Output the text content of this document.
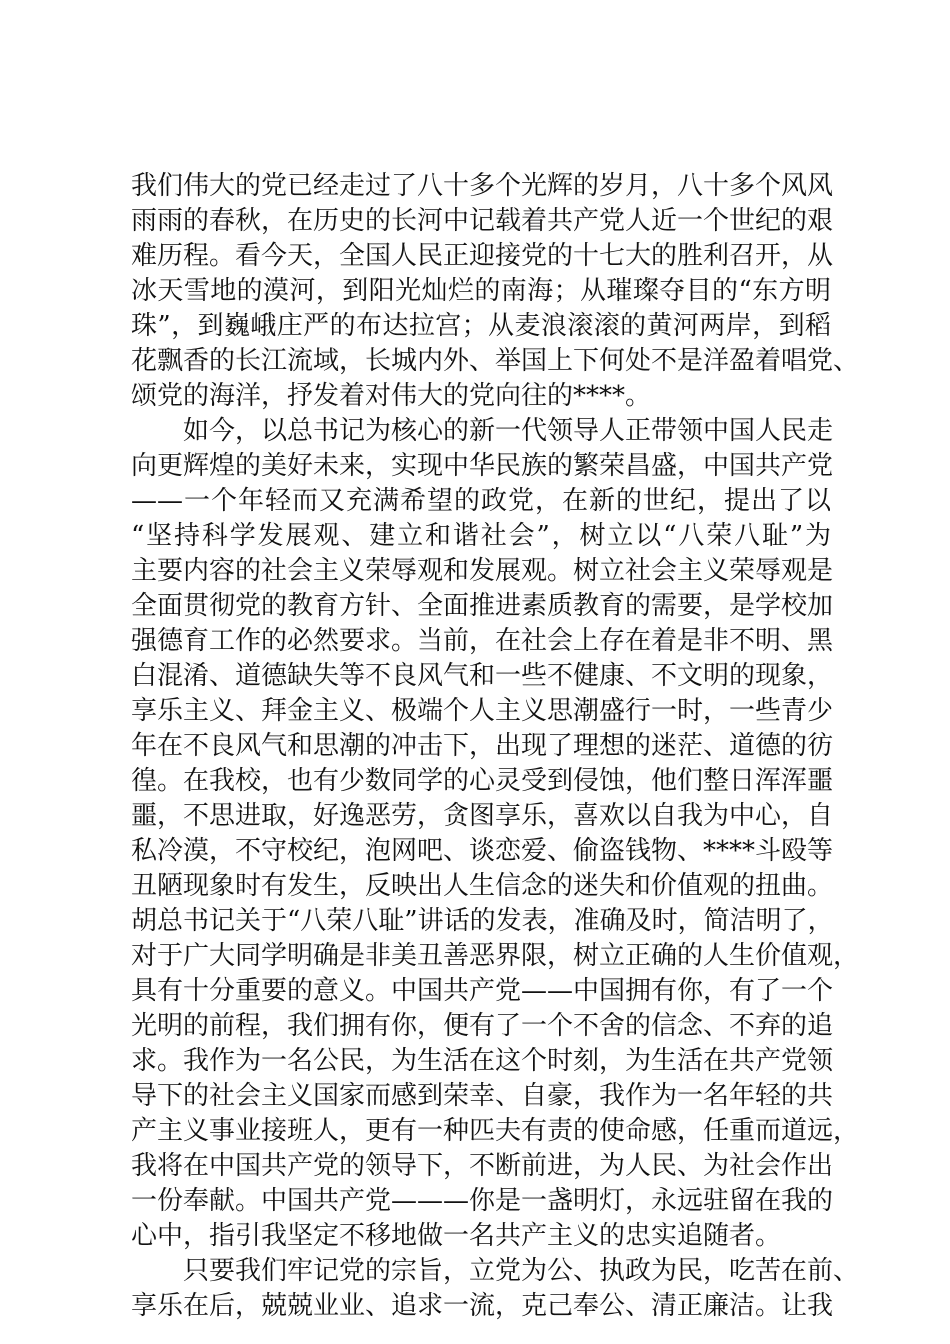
我们伟大的党已经走过了八十多个光辉的岁月，八十多个风风
雨雨的春秋，在历史的长河中记载着共产党人近一个世纪的艰
难历程。看今天，全国人民正迎接党的十七大的胜利召开，从
冰天雪地的漠河，到阳光灿烂的南海；从璀璨夺目的“东方明
珠”，到巍峨庄严的布达拉宫；从麦浪滚滚的黄河两岸，到稻
花飘香的长江流域，长城内外、举国上下何处不是洋盈着唱党、
颂党的海洋，抒发着对伟大的党向往的****。
如今，以总书记为核心的新一代领导人正带领中国人民走
向更辉煌的美好未来，实现中华民族的繁荣昌盛，中国共产党
——一个年轻而又充满希望的政党，在新的世纪，提出了以
“坚持科学发展观、建立和谐社会”，树立以“八荣八耻”为
主要内容的社会主义荣辱观和发展观。树立社会主义荣辱观是
全面贯彻党的教育方针、全面推进素质教育的需要，是学校加
强德育工作的必然要求。当前，在社会上存在着是非不明、黑
白混淆、道德缺失等不良风气和一些不健康、不文明的现象，
享乐主义、拜金主义、极端个人主义思潮盛行一时，一些青少
年在不良风气和思潮的冲击下，出现了理想的迷茫、道德的彷
徨。在我校，也有少数同学的心灵受到侵蚀，他们整日浑浑噩
噩，不思进取，好逸恶劳，贪图享乐，喜欢以自我为中心，自
私冷漠，不守校纪，泡网吧、谈恋爱、偷盗钱物、****斗殴等
丑陋现象时有发生，反映出人生信念的迷失和价值观的扭曲。
胡总书记关于“八荣八耻”讲话的发表，准确及时，简洁明了，
对于广大同学明确是非美丑善恶界限，树立正确的人生价值观，
具有十分重要的意义。中国共产党——中国拥有你，有了一个
光明的前程，我们拥有你，便有了一个不舍的信念、不弃的追
求。我作为一名公民，为生活在这个时刻，为生活在共产党领
导下的社会主义国家而感到荣幸、自豪，我作为一名年轻的共
产主义事业接班人，更有一种匹夫有责的使命感，任重而道远，
我将在中国共产党的领导下，不断前进，为人民、为社会作出
一份奉献。中国共产党———你是一盏明灯，永远驻留在我的
心中，指引我坚定不移地做一名共产主义的忠实追随者。
只要我们牢记党的宗旨，立党为公、执政为民，吃苦在前、
享乐在后，兢兢业业、追求一流，克己奉公、清正廉洁。让我
